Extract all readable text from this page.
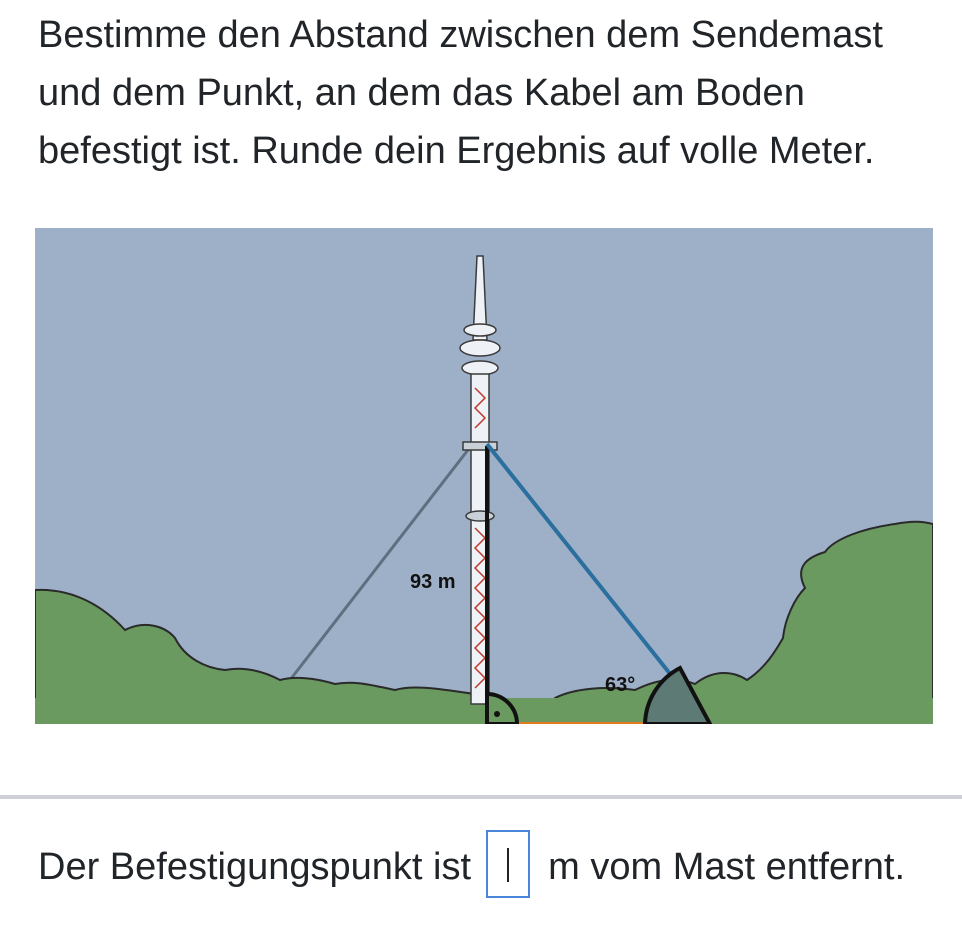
Bestimme den Abstand zwischen dem Sendemast und dem Punkt, an dem das Kabel am Boden befestigt ist. Runde dein Ergebnis auf volle Meter.

93 m
63°
Der Befestigungspunkt ist m vom Mast entfernt.
